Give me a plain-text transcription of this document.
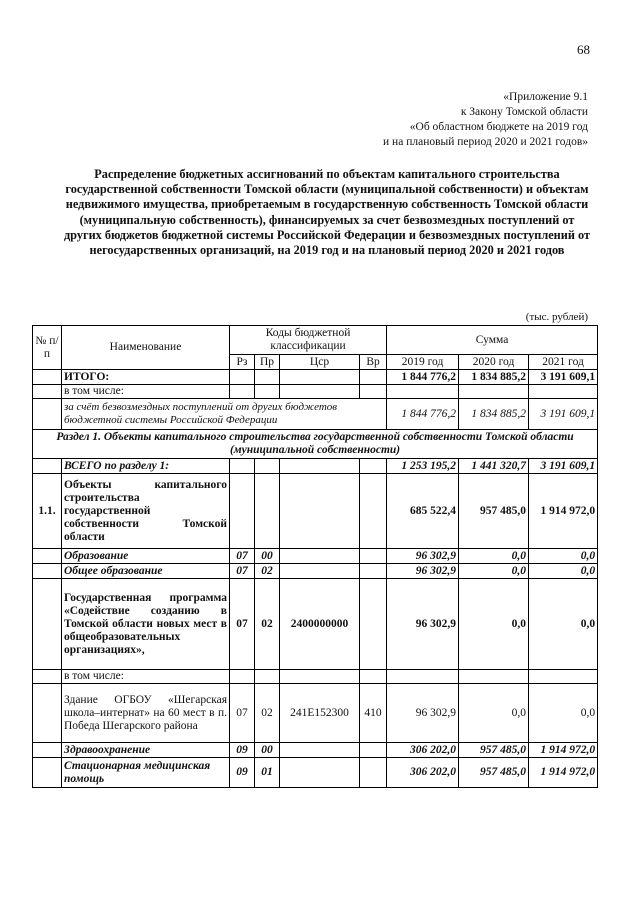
68
«Приложение 9.1
к Закону Томской области
«Об областном бюджете на 2019 год
и на плановый период 2020 и 2021 годов»
Распределение бюджетных ассигнований по объектам капитального строительства государственной собственности Томской области (муниципальной собственности) и объектам недвижимого имущества, приобретаемым в государственную собственность Томской области (муниципальную собственность), финансируемых за счет безвозмездных поступлений от других бюджетов бюджетной системы Российской Федерации и безвозмездных поступлений от негосударственных организаций, на 2019 год и на плановый период 2020 и 2021 годов
(тыс. рублей)
№ п/п	Наименование	Коды бюджетной классификации				Сумма		
		Рз	Пр	Цср	Вр	2019 год	2020 год	2021 год
	ИТОГО:					1 844 776,2	1 834 885,2	3 191 609,1
	в том числе:							
	за счёт безвозмездных поступлений от других бюджетов бюджетной системы Российской Федерации					1 844 776,2	1 834 885,2	3 191 609,1
Раздел 1. Объекты капитального строительства государственной собственности Томской области (муниципальной собственности)								
	ВСЕГО по разделу 1:					1 253 195,2	1 441 320,7	3 191 609,1
1.1.	Объекты капитального строительства государственной собственности Томской области					685 522,4	957 485,0	1 914 972,0
	Образование	07	00			96 302,9	0,0	0,0
	Общее образование	07	02			96 302,9	0,0	0,0
	Государственная программа «Содействие созданию в Томской области новых мест в общеобразовательных организациях»,	07	02	2400000000		96 302,9	0,0	0,0
	в том числе:							
	Здание ОГБОУ «Шегарская школа–интернат» на 60 мест в п. Победа Шегарского района	07	02	241E152300	410	96 302,9	0,0	0,0
	Здравоохранение	09	00			306 202,0	957 485,0	1 914 972,0
	Стационарная медицинская помощь	09	01			306 202,0	957 485,0	1 914 972,0
